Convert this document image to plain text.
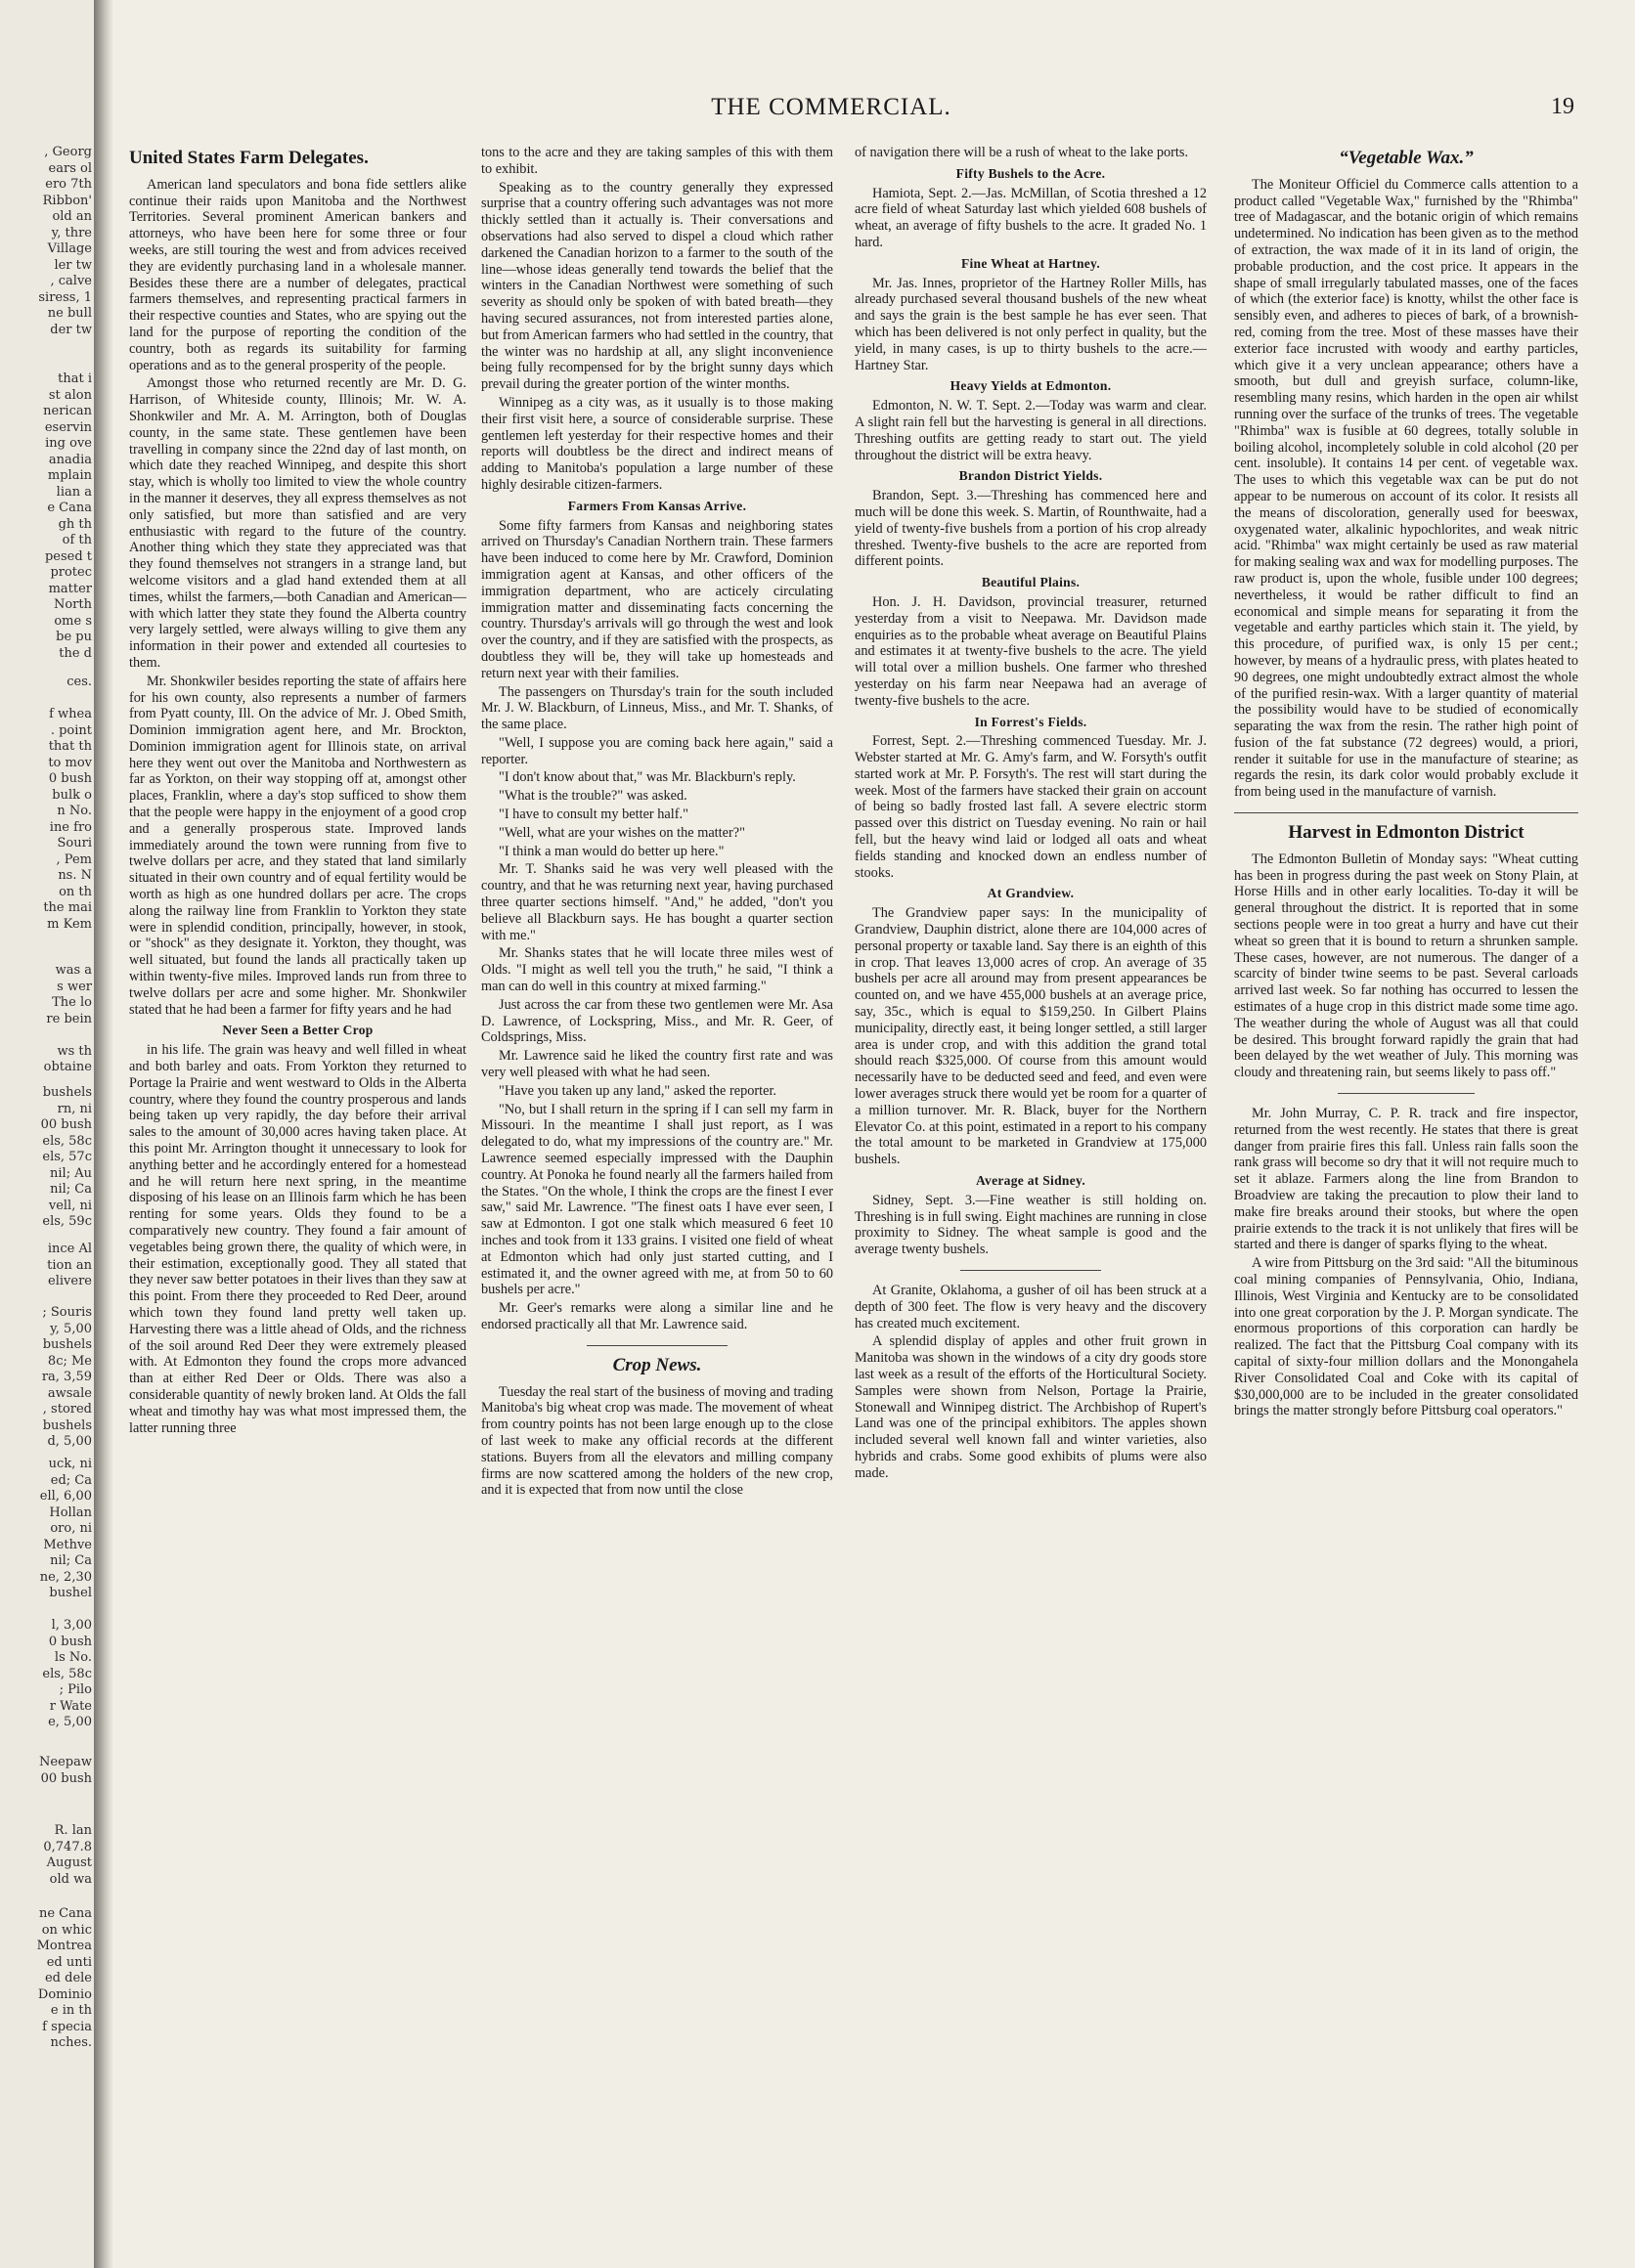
, Georg
ears ol
ero 7th
Ribbon'
old an
y, thre
Village
ler tw
, calve
siress, 1
ne bull
der tw
that i
st alon
nerican
eservin
ing ove
anadia
mplain
lian a
e Cana
gh th
of th
pesed t
protec
matter
North
ome s
be pu
the d
ces.

f whea
. point
that th
to mov
0 bush
bulk o
n No.
ine fro
Souri
, Pem
ns. N
on th
the mai
m Kem
was a
s wer
The lo
re bein

ws th
obtaine
bushels
rn, ni
00 bush
els, 58c
els, 57c
nil; Au
nil; Ca
vell, ni
els, 59c
ince Al
tion an
elivere
; Souris
y, 5,00
bushels
8c; Me
ra, 3,59
awsale
, stored
bushels
d, 5,00
uck, ni
ed; Ca
ell, 6,00
Hollan
oro, ni
Methve
nil; Ca
ne, 2,30
bushel
l, 3,00
0 bush
ls No.
els, 58c
; Pilo
r Wate
e, 5,00
Neepaw
00 bush
R. lan
0,747.8
August
old wa
ne Cana
on whic
Montrea
ed unti
ed dele
Dominio
e in th
f specia
nches.
THE COMMERCIAL.	19
United States Farm Delegates.

American land speculators and bona fide settlers alike continue their raids upon Manitoba and the Northwest Territories. Several prominent American bankers and attorneys, who have been here for some three or four weeks, are still touring the west and from advices received they are evidently purchasing land in a wholesale manner. Besides these there are a number of delegates, practical farmers themselves, and representing practical farmers in their respective counties and States, who are spying out the land for the purpose of reporting the condition of the country, both as regards its suitability for farming operations and as to the general prosperity of the people.

Amongst those who returned recently are Mr. D. G. Harrison, of Whiteside county, Illinois; Mr. W. A. Shonkwiler and Mr. A. M. Arrington, both of Douglas county, in the same state. These gentlemen have been travelling in company since the 22nd day of last month, on which date they reached Winnipeg, and despite this short stay, which is wholly too limited to view the whole country in the manner it deserves, they all express themselves as not only satisfied, but more than satisfied and are very enthusiastic with regard to the future of the country. Another thing which they state they appreciated was that they found themselves not strangers in a strange land, but welcome visitors and a glad hand extended them at all times, whilst the farmers,—both Canadian and American—with which latter they state they found the Alberta country very largely settled, were always willing to give them any information in their power and extended all courtesies to them.

Mr. Shonkwiler besides reporting the state of affairs here for his own county, also represents a number of farmers from Pyatt county, Ill. On the advice of Mr. J. Obed Smith, Dominion immigration agent here, and Mr. Brockton, Dominion immigration agent for Illinois state, on arrival here they went out over the Manitoba and Northwestern as far as Yorkton, on their way stopping off at, amongst other places, Franklin, where a day's stop sufficed to show them that the people were happy in the enjoyment of a good crop and a generally prosperous state. Improved lands immediately around the town were running from five to twelve dollars per acre, and they stated that land similarly situated in their own country and of equal fertility would be worth as high as one hundred dollars per acre. The crops along the railway line from Franklin to Yorkton they state were in splendid condition, principally, however, in stook, or "shock" as they designate it. Yorkton, they thought, was well situated, but found the lands all practically taken up within twenty-five miles. Improved lands run from three to twelve dollars per acre and some higher. Mr. Shonkwiler stated that he had been a farmer for fifty years and he had

Never Seen a Better Crop

in his life. The grain was heavy and well filled in wheat and both barley and oats. From Yorkton they returned to Portage la Prairie and went westward to Olds in the Alberta country, where they found the country prosperous and lands being taken up very rapidly, the day before their arrival sales to the amount of 30,000 acres having taken place. At this point Mr. Arrington thought it unnecessary to look for anything better and he accordingly entered for a homestead and he will return here next spring, in the meantime disposing of his lease on an Illinois farm which he has been renting for some years. Olds they found to be a comparatively new country. They found a fair amount of vegetables being grown there, the quality of which were, in their estimation, exceptionally good. They all stated that they never saw better potatoes in their lives than they saw at this point. From there they proceeded to Red Deer, around which town they found land pretty well taken up. Harvesting there was a little ahead of Olds, and the richness of the soil around Red Deer they were extremely pleased with. At Edmonton they found the crops more advanced than at either Red Deer or Olds. There was also a considerable quantity of newly broken land. At Olds the fall wheat and timothy hay was what most impressed them, the latter running three

tons to the acre and they are taking samples of this with them to exhibit.

Speaking as to the country generally they expressed surprise that a country offering such advantages was not more thickly settled than it actually is. Their conversations and observations had also served to dispel a cloud which rather darkened the Canadian horizon to a farmer to the south of the line—whose ideas generally tend towards the belief that the winters in the Canadian Northwest were something of such severity as should only be spoken of with bated breath—they having secured assurances, not from interested parties alone, but from American farmers who had settled in the country, that the winter was no hardship at all, any slight inconvenience being fully recompensed for by the bright sunny days which prevail during the greater portion of the winter months.

Winnipeg as a city was, as it usually is to those making their first visit here, a source of considerable surprise. These gentlemen left yesterday for their respective homes and their reports will doubtless be the direct and indirect means of adding to Manitoba's population a large number of these highly desirable citizen-farmers.

Farmers From Kansas Arrive.

Some fifty farmers from Kansas and neighboring states arrived on Thursday's Canadian Northern train. These farmers have been induced to come here by Mr. Crawford, Dominion immigration agent at Kansas, and other officers of the immigration department, who are acticely circulating immigration matter and disseminating facts concerning the country. Thursday's arrivals will go through the west and look over the country, and if they are satisfied with the prospects, as doubtless they will be, they will take up homesteads and return next year with their families.

The passengers on Thursday's train for the south included Mr. J. W. Blackburn, of Linneus, Miss., and Mr. T. Shanks, of the same place.

"Well, I suppose you are coming back here again," said a reporter.

"I don't know about that," was Mr. Blackburn's reply.

"What is the trouble?" was asked.

"I have to consult my better half."

"Well, what are your wishes on the matter?"

"I think a man would do better up here."

Mr. T. Shanks said he was very well pleased with the country, and that he was returning next year, having purchased three quarter sections himself. "And," he added, "don't you believe all Blackburn says. He has bought a quarter section with me."

Mr. Shanks states that he will locate three miles west of Olds. "I might as well tell you the truth," he said, "I think a man can do well in this country at mixed farming."

Just across the car from these two gentlemen were Mr. Asa D. Lawrence, of Lockspring, Miss., and Mr. R. Geer, of Coldsprings, Miss.

Mr. Lawrence said he liked the country first rate and was very well pleased with what he had seen.

"Have you taken up any land," asked the reporter.

"No, but I shall return in the spring if I can sell my farm in Missouri. In the meantime I shall just report, as I was delegated to do, what my impressions of the country are." Mr. Lawrence seemed especially impressed with the Dauphin country. At Ponoka he found nearly all the farmers hailed from the States. "On the whole, I think the crops are the finest I ever saw," said Mr. Lawrence. "The finest oats I have ever seen, I saw at Edmonton. I got one stalk which measured 6 feet 10 inches and took from it 133 grains. I visited one field of wheat at Edmonton which had only just started cutting, and I estimated it, and the owner agreed with me, at from 50 to 60 bushels per acre."

Mr. Geer's remarks were along a similar line and he endorsed practically all that Mr. Lawrence said.

Crop News.

Tuesday the real start of the business of moving and trading Manitoba's big wheat crop was made. The movement of wheat from country points has not been large enough up to the close of last week to make any official records at the different stations. Buyers from all the elevators and milling company firms are now scattered among the holders of the new crop, and it is expected that from now until the close

of navigation there will be a rush of wheat to the lake ports.

Fifty Bushels to the Acre.

Hamiota, Sept. 2.—Jas. McMillan, of Scotia threshed a 12 acre field of wheat Saturday last which yielded 608 bushels of wheat, an average of fifty bushels to the acre. It graded No. 1 hard.

Fine Wheat at Hartney.

Mr. Jas. Innes, proprietor of the Hartney Roller Mills, has already purchased several thousand bushels of the new wheat and says the grain is the best sample he has ever seen. That which has been delivered is not only perfect in quality, but the yield, in many cases, is up to thirty bushels to the acre.—Hartney Star.

Heavy Yields at Edmonton.

Edmonton, N. W. T. Sept. 2.—Today was warm and clear. A slight rain fell but the harvesting is general in all directions. Threshing outfits are getting ready to start out. The yield throughout the district will be extra heavy.

Brandon District Yields.

Brandon, Sept. 3.—Threshing has commenced here and much will be done this week. S. Martin, of Rounthwaite, had a yield of twenty-five bushels from a portion of his crop already threshed. Twenty-five bushels to the acre are reported from different points.

Beautiful Plains.

Hon. J. H. Davidson, provincial treasurer, returned yesterday from a visit to Neepawa. Mr. Davidson made enquiries as to the probable wheat average on Beautiful Plains and estimates it at twenty-five bushels to the acre. The yield will total over a million bushels. One farmer who threshed yesterday on his farm near Neepawa had an average of twenty-five bushels to the acre.

In Forrest's Fields.

Forrest, Sept. 2.—Threshing commenced Tuesday. Mr. J. Webster started at Mr. G. Amy's farm, and W. Forsyth's outfit started work at Mr. P. Forsyth's. The rest will start during the week. Most of the farmers have stacked their grain on account of being so badly frosted last fall. A severe electric storm passed over this district on Tuesday evening. No rain or hail fell, but the heavy wind laid or lodged all oats and wheat fields standing and knocked down an endless number of stooks.

At Grandview.

The Grandview paper says: In the municipality of Grandview, Dauphin district, alone there are 104,000 acres of personal property or taxable land. Say there is an eighth of this in crop. That leaves 13,000 acres of crop. An average of 35 bushels per acre all around may from present appearances be counted on, and we have 455,000 bushels at an average price, say, 35c., which is equal to $159,250. In Gilbert Plains municipality, directly east, it being longer settled, a still larger area is under crop, and with this addition the grand total should reach $325,000. Of course from this amount would necessarily have to be deducted seed and feed, and even were lower averages struck there would yet be room for a quarter of a million turnover. Mr. R. Black, buyer for the Northern Elevator Co. at this point, estimated in a report to his company the total amount to be marketed in Grandview at 175,000 bushels.

Average at Sidney.

Sidney, Sept. 3.—Fine weather is still holding on. Threshing is in full swing. Eight machines are running in close proximity to Sidney. The wheat sample is good and the average twenty bushels.

At Granite, Oklahoma, a gusher of oil has been struck at a depth of 300 feet. The flow is very heavy and the discovery has created much excitement.

A splendid display of apples and other fruit grown in Manitoba was shown in the windows of a city dry goods store last week as a result of the efforts of the Horticultural Society. Samples were shown from Nelson, Portage la Prairie, Stonewall and Winnipeg district. The Archbishop of Rupert's Land was one of the principal exhibitors. The apples shown included several well known fall and winter varieties, also hybrids and crabs. Some good exhibits of plums were also made.

“Vegetable Wax.”

The Moniteur Officiel du Commerce calls attention to a product called "Vegetable Wax," furnished by the "Rhimba" tree of Madagascar, and the botanic origin of which remains undetermined. No indication has been given as to the method of extraction, the wax made of it in its land of origin, the probable production, and the cost price. It appears in the shape of small irregularly tabulated masses, one of the faces of which (the exterior face) is knotty, whilst the other face is sensibly even, and adheres to pieces of bark, of a brownish-red, coming from the tree. Most of these masses have their exterior face incrusted with woody and earthy particles, which give it a very unclean appearance; others have a smooth, but dull and greyish surface, column-like, resembling many resins, which harden in the open air whilst running over the surface of the trunks of trees. The vegetable "Rhimba" wax is fusible at 60 degrees, totally soluble in boiling alcohol, incompletely soluble in cold alcohol (20 per cent. insoluble). It contains 14 per cent. of vegetable wax. The uses to which this vegetable wax can be put do not appear to be numerous on account of its color. It resists all the means of discoloration, generally used for beeswax, oxygenated water, alkalinic hypochlorites, and weak nitric acid. "Rhimba" wax might certainly be used as raw material for making sealing wax and wax for modelling purposes. The raw product is, upon the whole, fusible under 100 degrees; nevertheless, it would be rather difficult to find an economical and simple means for separating it from the vegetable and earthy particles which stain it. The yield, by this procedure, of purified wax, is only 15 per cent.; however, by means of a hydraulic press, with plates heated to 90 degrees, one might undoubtedly extract almost the whole of the purified resin-wax. With a larger quantity of material the possibility would have to be studied of economically separating the wax from the resin. The rather high point of fusion of the fat substance (72 degrees) would, a priori, render it suitable for use in the manufacture of stearine; as regards the resin, its dark color would probably exclude it from being used in the manufacture of varnish.

Harvest in Edmonton District

The Edmonton Bulletin of Monday says: "Wheat cutting has been in progress during the past week on Stony Plain, at Horse Hills and in other early localities. To-day it will be general throughout the district. It is reported that in some sections people were in too great a hurry and have cut their wheat so green that it is bound to return a shrunken sample. These cases, however, are not numerous. The danger of a scarcity of binder twine seems to be past. Several carloads arrived last week. So far nothing has occurred to lessen the estimates of a huge crop in this district made some time ago. The weather during the whole of August was all that could be desired. This brought forward rapidly the grain that had been delayed by the wet weather of July. This morning was cloudy and threatening rain, but seems likely to pass off."

Mr. John Murray, C. P. R. track and fire inspector, returned from the west recently. He states that there is great danger from prairie fires this fall. Unless rain falls soon the rank grass will become so dry that it will not require much to set it ablaze. Farmers along the line from Brandon to Broadview are taking the precaution to plow their land to make fire breaks around their stooks, but where the open prairie extends to the track it is not unlikely that fires will be started and there is danger of sparks flying to the wheat.

A wire from Pittsburg on the 3rd said: "All the bituminous coal mining companies of Pennsylvania, Ohio, Indiana, Illinois, West Virginia and Kentucky are to be consolidated into one great corporation by the J. P. Morgan syndicate. The enormous proportions of this corporation can hardly be realized. The fact that the Pittsburg Coal company with its capital of sixty-four million dollars and the Monongahela River Consolidated Coal and Coke with its capital of $30,000,000 are to be included in the greater consolidated brings the matter strongly before Pittsburg coal operators."
